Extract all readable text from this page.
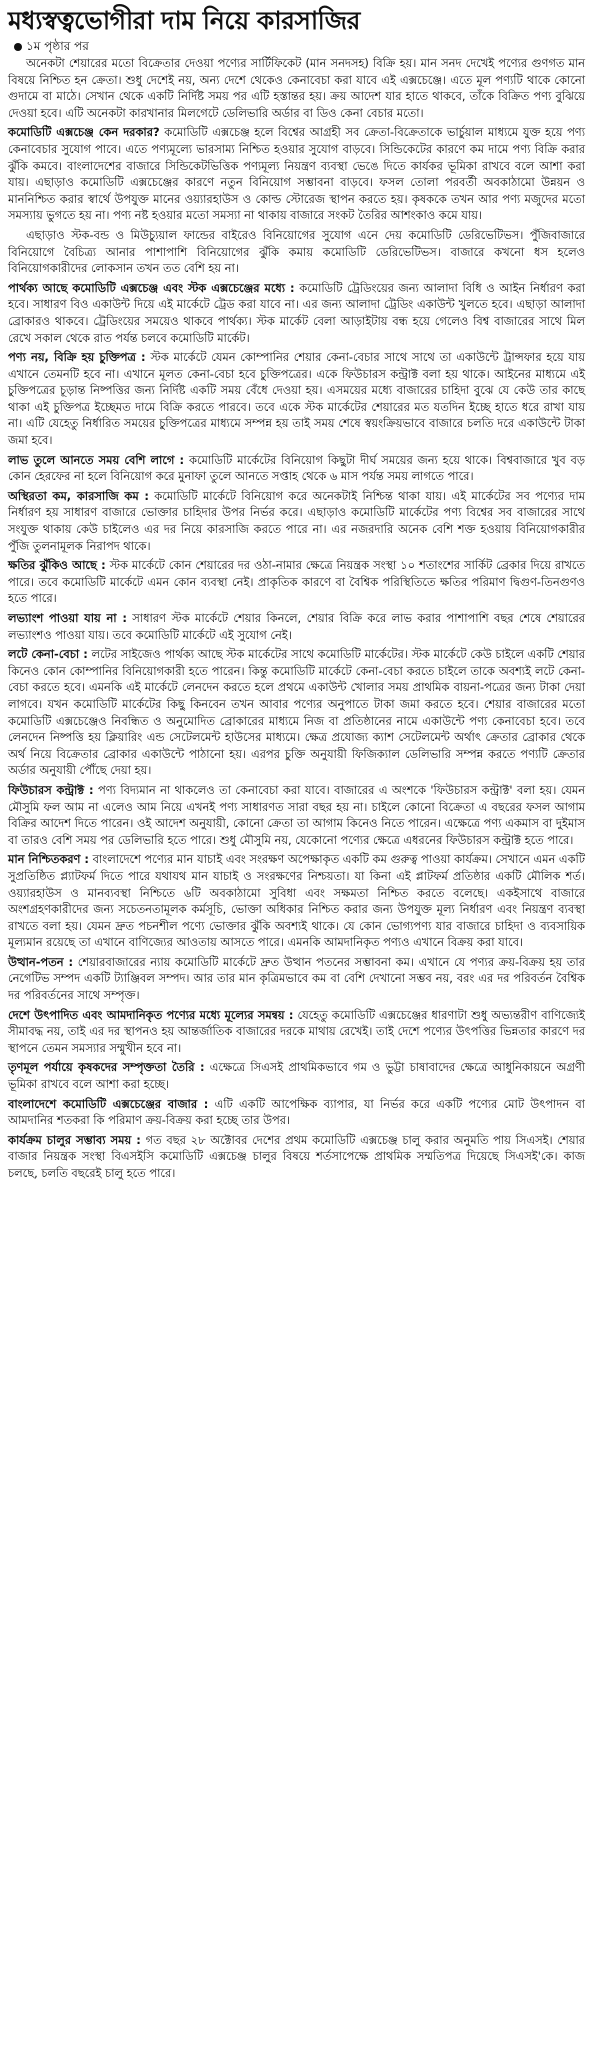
মধ্যস্বত্বভোগীরা দাম নিয়ে কারসাজির
১ম পৃষ্ঠার পর
অনেকটা শেয়ারের মতো বিক্রেতার দেওয়া পণ্যের সার্টিফিকেট (মান সনদসহ) বিক্রি হয়। মান সনদ দেখেই পণ্যের গুণগত মান বিষয়ে নিশ্চিত হন ক্রেতা। শুধু দেশেই নয়, অন্য দেশে থেকেও কেনাবেচা করা যাবে এই এক্সচেঞ্জে। এতে মূল পণ্যটি থাকে কোনো গুদামে বা মাঠে। সেখান থেকে একটি নির্দিষ্ট সময় পর এটি হস্তান্তর হয়। ক্রয় আদেশ যার হাতে থাকবে, তাঁকে বিক্রিত পণ্য বুঝিয়ে দেওয়া হবে। এটি অনেকটা কারখানার মিলগেটে ডেলিভারি অর্ডার বা ডিও কেনা বেচার মতো।
কমোডিটি এক্সচেঞ্জ কেন দরকার? কমোডিটি এক্সচেঞ্জ হলে বিশ্বের আগ্রহী সব ক্রেতা-বিক্রেতাকে ভার্চুয়াল মাধ্যমে যুক্ত হয়ে পণ্য কেনাবেচার সুযোগ পাবে। এতে পণ্যমূল্যে ভারসাম্য নিশ্চিত হওয়ার সুযোগ বাড়বে। সিন্ডিকেটের কারণে কম দামে পণ্য বিক্রি করার ঝুঁকি কমবে। বাংলাদেশের বাজারে সিন্ডিকেটভিত্তিক পণ্যমূল্য নিয়ন্ত্রণ ব্যবস্থা ভেঙে দিতে কার্যকর ভূমিকা রাখবে বলে আশা করা যায়। এছাড়াও কমোডিটি এক্সচেঞ্জের কারণে নতুন বিনিয়োগ সম্ভাবনা বাড়বে। ফসল তোলা পরবর্তী অবকাঠামো উন্নয়ন ও মাননিশ্চিত করার স্বার্থে উপযুক্ত মানের ওয়্যারহাউস ও কোল্ড স্টোরেজ স্থাপন করতে হয়। কৃষককে তখন আর পণ্য মজুদের মতো সমস্যায় ভুগতে হয় না। পণ্য নষ্ট হওয়ার মতো সমস্যা না থাকায় বাজারে সংকট তৈরির আশংকাও কমে যায়।
এছাড়াও স্টক-বন্ড ও মিউচ্যুয়াল ফান্ডের বাইরেও বিনিয়োগের সুযোগ এনে দেয় কমোডিটি ডেরিভেটিভস। পুঁজিবাজারে বিনিয়োগে বৈচিত্র্য আনার পাশাপাশি বিনিয়োগের ঝুঁকি কমায় কমোডিটি ডেরিভেটিভস। বাজারে কখনো ধস হলেও বিনিয়োগকারীদের লোকসান তখন তত বেশি হয় না।
পার্থক্য আছে কমোডিটি এক্সচেঞ্জ এবং স্টক এক্সচেঞ্জের মধ্যে : কমোডিটি ট্রেডিংয়ের জন্য আলাদা বিধি ও আইন নির্ধারণ করা হবে। সাধারণ বিও একাউন্ট দিয়ে এই মার্কেটে ট্রেড করা যাবে না। এর জন্য আলাদা ট্রেডিং একাউন্ট খুলতে হবে। এছাড়া আলাদা ব্রোকারও থাকবে। ট্রেডিংয়ের সময়েও থাকবে পার্থক্য। স্টক মার্কেট বেলা আড়াইটায় বন্ধ হয়ে গেলেও বিশ্ব বাজারের সাথে মিল রেখে সকাল থেকে রাত পর্যন্ত চলবে কমোডিটি মার্কেট।
পণ্য নয়, বিক্রি হয় চুক্তিপত্র : স্টক মার্কেটে যেমন কোম্পানির শেয়ার কেনা-বেচার সাথে সাথে তা একাউন্টে ট্রান্সফার হয়ে যায় এখানে তেমনটি হবে না। এখানে মূলত কেনা-বেচা হবে চুক্তিপত্রের। একে ফিউচারস কন্ট্রাক্ট বলা হয় থাকে। আইনের মাধ্যমে এই চুক্তিপত্রের চূড়ান্ত নিষ্পত্তির জন্য নির্দিষ্ট একটি সময় বেঁধে দেওয়া হয়। এসময়ের মধ্যে বাজারের চাহিদা বুঝে যে কেউ তার কাছে থাকা এই চুক্তিপত্র ইচ্ছেমত দামে বিক্রি করতে পারবে। তবে একে স্টক মার্কেটের শেয়ারের মত যতদিন ইচ্ছে হাতে ধরে রাখা যায় না। এটি যেহেতু নির্ধারিত সময়ের চুক্তিপত্রের মাধ্যমে সম্পন্ন হয় তাই সময় শেষে স্বয়ংক্রিয়ভাবে বাজারে চলতি দরে একাউন্টে টাকা জমা হবে।
লাভ তুলে আনতে সময় বেশি লাগে : কমোডিটি মার্কেটের বিনিয়োগ কিছুটা দীর্ঘ সময়ের জন্য হয়ে থাকে। বিশ্ববাজারে খুব বড় কোন হেরফের না হলে বিনিয়োগ করে মুনাফা তুলে আনতে সপ্তাহ থেকে ৬ মাস পর্যন্ত সময় লাগতে পারে।
অস্থিরতা কম, কারসাজি কম : কমোডিটি মার্কেটে বিনিয়োগ করে অনেকটাই নিশ্চিন্ত থাকা যায়। এই মার্কেটের সব পণ্যের দাম নির্ধারণ হয় সাধারণ বাজারে ভোক্তার চাহিদার উপর নির্ভর করে। এছাড়াও কমোডিটি মার্কেটের পণ্য বিশ্বের সব বাজারের সাথে সংযুক্ত থাকায় কেউ চাইলেও এর দর নিয়ে কারসাজি করতে পারে না। এর নজরদারি অনেক বেশি শক্ত হওয়ায় বিনিয়োগকারীর পুঁজি তুলনামূলক নিরাপদ থাকে।
ক্ষতির ঝুঁকিও আছে : স্টক মার্কেটে কোন শেয়ারের দর ওঠা-নামার ক্ষেত্রে নিয়ন্ত্রক সংস্থা ১০ শতাংশের সার্কিট ব্রেকার দিয়ে রাখতে পারে। তবে কমোডিটি মার্কেটে এমন কোন ব্যবস্থা নেই। প্রাকৃতিক কারণে বা বৈশ্বিক পরিস্থিতিতে ক্ষতির পরিমাণ দ্বিগুণ-তিনগুণও হতে পারে।
লভ্যাংশ পাওয়া যায় না : সাধারণ স্টক মার্কেটে শেয়ার কিনলে, শেয়ার বিক্রি করে লাভ করার পাশাপাশি বছর শেষে শেয়ারের লভ্যাংশও পাওয়া যায়। তবে কমোডিটি মার্কেটে এই সুযোগ নেই।
লটে কেনা-বেচা : লটের সাইজেও পার্থক্য আছে স্টক মার্কেটের সাথে কমোডিটি মার্কেটের। স্টক মার্কেটে কেউ চাইলে একটি শেয়ার কিনেও কোন কোম্পানির বিনিয়োগকারী হতে পারেন। কিন্তু কমোডিটি মার্কেটে কেনা-বেচা করতে চাইলে তাকে অবশ্যই লটে কেনা- বেচা করতে হবে। এমনকি এই মার্কেটে লেনদেন করতে হলে প্রথমে একাউন্ট খোলার সময় প্রাথমিক বায়না-পত্রের জন্য টাকা দেয়া লাগবে। যখন কমোডিটি মার্কেটের কিছু কিনবেন তখন আবার পণ্যের অনুপাতে টাকা জমা করতে হবে। শেয়ার বাজারের মতো কমোডিটি এক্সচেঞ্জেও নিবন্ধিত ও অনুমোদিত ব্রোকারের মাধ্যমে নিজ বা প্রতিষ্ঠানের নামে একাউন্টে পণ্য কেনাবেচা হবে। তবে লেনদেন নিষ্পত্তি হয় ক্লিয়ারিং এন্ড সেটেলমেন্ট হাউসের মাধ্যমে। ক্ষেত্র প্রযোজ্য ক্যাশ সেটেলমেন্ট অর্থাৎ ক্রেতার ব্রোকার থেকে অর্থ নিয়ে বিক্রেতার ব্রোকার একাউন্টে পাঠানো হয়। এরপর চুক্তি অনুযায়ী ফিজিক্যাল ডেলিভারি সম্পন্ন করতে পণ্যটি ক্রেতার অর্ডার অনুযায়ী পৌঁছে দেয়া হয়।
ফিউচারস কন্ট্রাক্ট : পণ্য বিদ্যমান না থাকলেও তা কেনাবেচা করা যাবে। বাজারের এ অংশকে 'ফিউচারস কন্ট্রাক্ট' বলা হয়। যেমন মৌসুমি ফল আম না এলেও আম নিয়ে এখনই পণ্য সাধারণত সারা বছর হয় না। চাইলে কোনো বিক্রেতা এ বছরের ফসল আগাম বিক্রির আদেশ দিতে পারেন। ওই আদেশ অনুযায়ী, কোনো ক্রেতা তা আগাম কিনেও নিতে পারেন। এক্ষেত্রে পণ্য একমাস বা দুইমাস বা তারও বেশি সময় পর ডেলিভারি হতে পারে। শুধু মৌসুমি নয়, যেকোনো পণ্যের ক্ষেত্রে এধরনের ফিউচারস কন্ট্রাক্ট হতে পারে।
মান নিশ্চিতকরণ : বাংলাদেশে পণ্যের মান যাচাই এবং সংরক্ষণ অপেক্ষাকৃত একটি কম গুরুত্ব পাওয়া কার্যক্রম। সেখানে এমন একটি সুপ্রতিষ্ঠিত প্ল্যাটফর্ম দিতে পারে যথাযথ মান যাচাই ও সংরক্ষণের নিশ্চয়তা। যা কিনা এই প্লাটফর্ম প্রতিষ্ঠার একটি মৌলিক শর্ত। ওয়্যারহাউস ও মানব্যবস্থা নিশ্চিতে ৬টি অবকাঠামো সুবিধা এবং সক্ষমতা নিশ্চিত করতে বলেছে। একইসাথে বাজারে অংশগ্রহণকারীদের জন্য সচেতনতামূলক কর্মসূচি, ভোক্তা অধিকার নিশ্চিত করার জন্য উপযুক্ত মূল্য নির্ধারণ এবং নিয়ন্ত্রণ ব্যবস্থা রাখতে বলা হয়। যেমন দ্রুত পচনশীল পণ্যে ভোক্তার ঝুঁকি অবশ্যই থাকে। যে কোন ভোগ্যপণ্য যার বাজারে চাহিদা ও ব্যবসায়িক মূল্যমান রয়েছে তা এখানে বাণিজ্যের আওতায় আসতে পারে। এমনকি আমদানিকৃত পণ্যও এখানে বিক্রয় করা যাবে।
উত্থান-পতন : শেয়ারবাজারের ন্যায় কমোডিটি মার্কেটে দ্রুত উত্থান পতনের সম্ভাবনা কম। এখানে যে পণ্যর ক্রয়-বিক্রয় হয় তার নেগেটিভ সম্পদ একটি ট্যাঞ্জিবল সম্পদ। আর তার মান কৃত্রিমভাবে কম বা বেশি দেখানো সম্ভব নয়, বরং এর দর পরিবর্তন বৈশ্বিক দর পরিবর্তনের সাথে সম্পৃক্ত।
দেশে উৎপাদিত এবং আমদানিকৃত পণ্যের মধ্যে মূল্যের সমন্বয় : যেহেতু কমোডিটি এক্সচেঞ্জের ধারণাটা শুধু অভ্যন্তরীণ বাণিজ্যেই সীমাবদ্ধ নয়, তাই এর দর স্থাপনও হয় আন্তর্জাতিক বাজারের দরকে মাথায় রেখেই। তাই দেশে পণ্যের উৎপত্তির ভিন্নতার কারণে দর স্থাপনে তেমন সমস্যার সম্মুখীন হবে না।
তৃণমূল পর্যায়ে কৃষকদের সম্পৃক্ততা তৈরি : এক্ষেত্রে সিএসই প্রাথমিকভাবে গম ও ভুট্টা চাষাবাদের ক্ষেত্রে আধুনিকায়নে অগ্রণী ভূমিকা রাখবে বলে আশা করা হচ্ছে।
বাংলাদেশে কমোডিটি এক্সচেঞ্জের বাজার : এটি একটি আপেক্ষিক ব্যাপার, যা নির্ভর করে একটি পণ্যের মোট উৎপাদন বা আমদানির শতকরা কি পরিমাণ ক্রয়-বিক্রয় করা হচ্ছে তার উপর।
কার্যক্রম চালুর সম্ভাব্য সময় : গত বছর ২৮ অক্টোবর দেশের প্রথম কমোডিটি এক্সচেঞ্জ চালু করার অনুমতি পায় সিএসই। শেয়ার বাজার নিয়ন্ত্রক সংস্থা বিএসইসি কমোডিটি এক্সচেঞ্জ চালুর বিষয়ে শর্তসাপেক্ষে প্রাথমিক সম্মতিপত্র দিয়েছে সিএসই'কে। কাজ চলছে, চলতি বছরেই চালু হতে পারে।
